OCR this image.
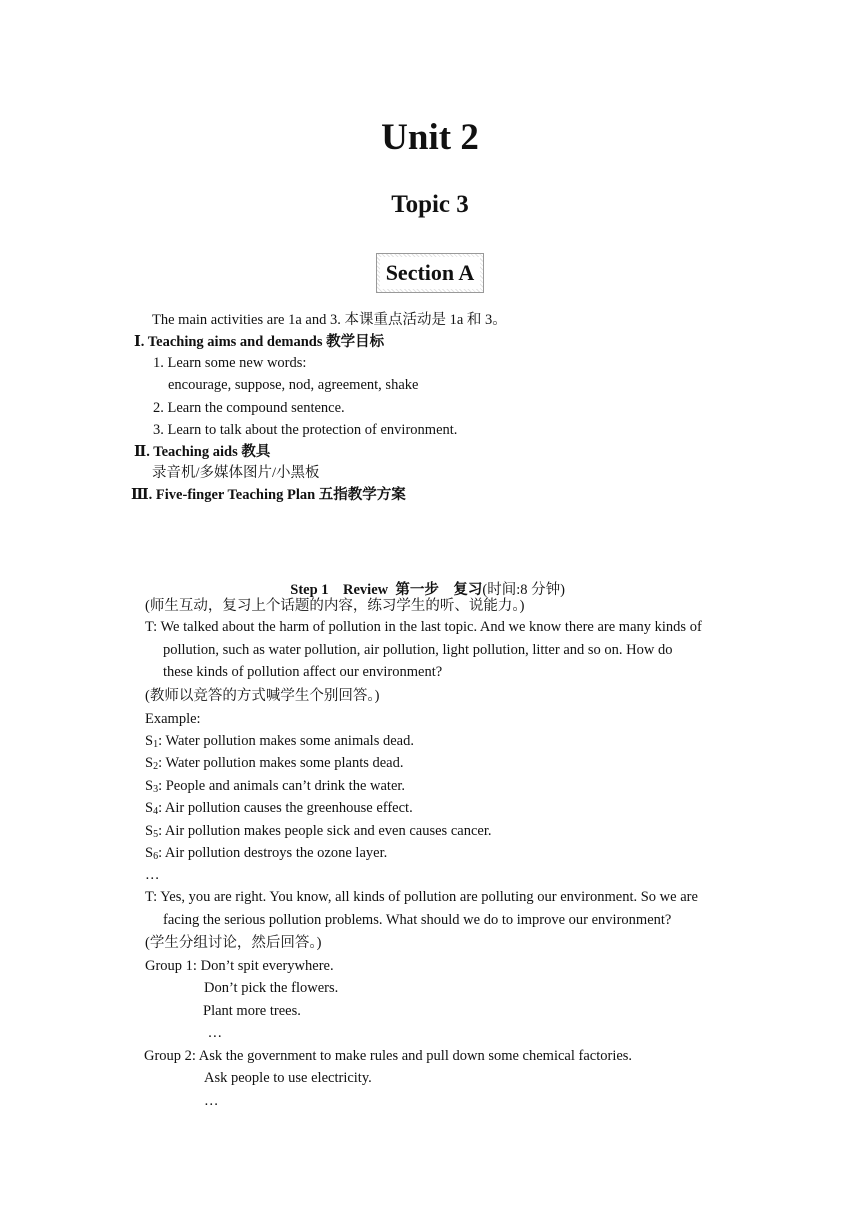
Unit 2
Topic 3
Section A
The main activities are 1a and 3. 本课重点活动是 1a 和 3。
Ⅰ. Teaching aims and demands 教学目标
1. Learn some new words:
encourage, suppose, nod, agreement, shake
2. Learn the compound sentence.
3. Learn to talk about the protection of environment.
Ⅱ. Teaching aids 教具
录音机/多媒体图片/小黑板
Ⅲ. Five-finger Teaching Plan 五指教学方案

Step 1    Review  第一步    复习(时间:8 分钟)

(师生互动，复习上个话题的内容，练习学生的听、说能力。)
T: We talked about the harm of pollution in the last topic. And we know there are many kinds of
pollution, such as water pollution, air pollution, light pollution, litter and so on. How do
these kinds of pollution affect our environment?
(教师以竞答的方式喊学生个别回答。)
Example:
$S_1$: Water pollution makes some animals dead.
$S_2$: Water pollution makes some plants dead.
$S_3$: People and animals can’t drink the water.
$S_4$: Air pollution causes the greenhouse effect.
$S_5$: Air pollution makes people sick and even causes cancer.
$S_6$: Air pollution destroys the ozone layer.
…
T: Yes, you are right. You know, all kinds of pollution are polluting our environment. So we are
facing the serious pollution problems. What should we do to improve our environment?
(学生分组讨论，然后回答。)
Group 1: Don’t spit everywhere.
Don’t pick the flowers.
Plant more trees.
…
Group 2: Ask the government to make rules and pull down some chemical factories.
Ask people to use electricity.
…
